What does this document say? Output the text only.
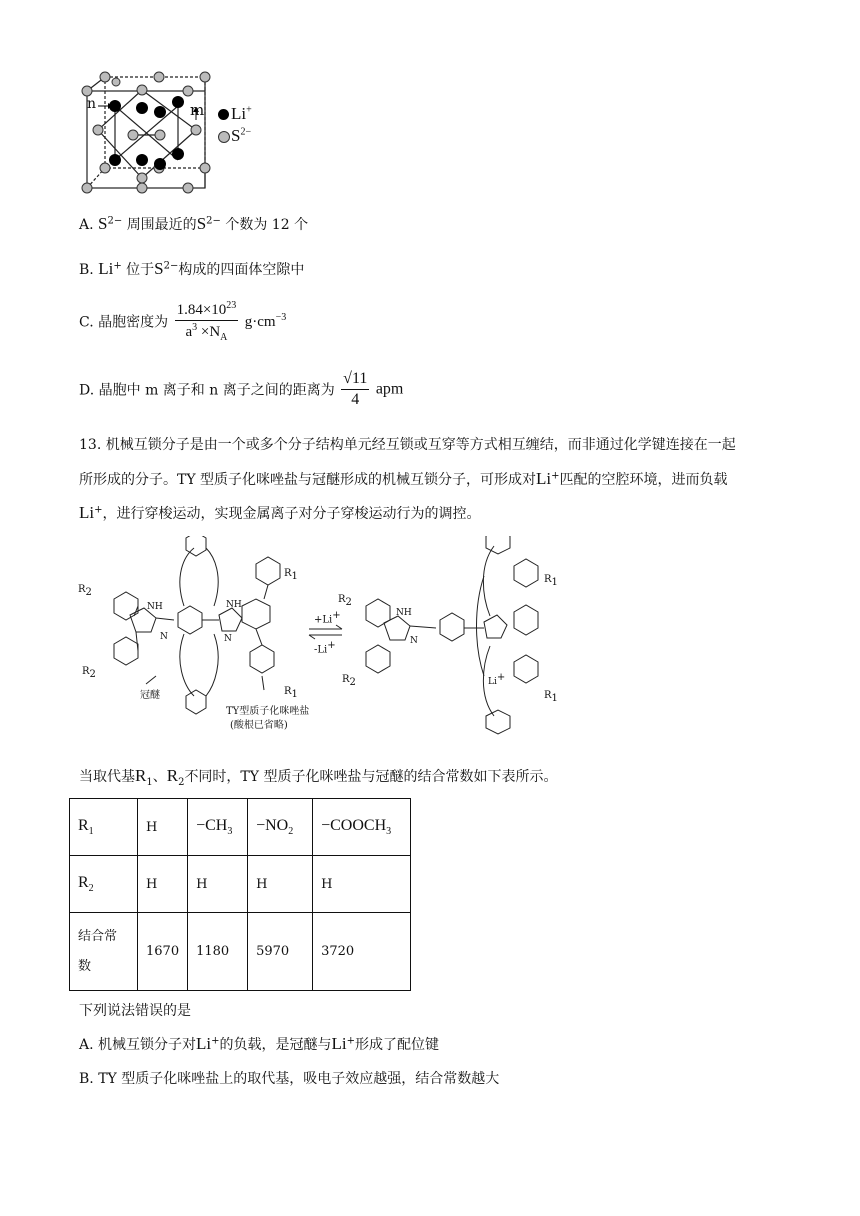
n	m Li+
$S^{2-}$
A. $S^{2-}$ 周围最近的$S^{2-}$ 个数为 12 个
B. Li+ 位于$S^{2-}$构成的四面体空隙中
C. 晶胞密度为 $\frac{1.84\times 10^{23}}{a^3 \times N_A} g\cdot cm^{-3}$
D. 晶胞中 m 离子和 n 离子之间的距离为 $\frac{√11}{4}$ apm
13. 机械互锁分子是由一个或多个分子结构单元经互锁或互穿等方式相互缠结，而非通过化学键连接在一起
所形成的分子。TY 型质子化咪唑盐与冠醚形成的机械互锁分子，可形成对Li+匹配的空腔环境，进而负载
Li+，进行穿梭运动，实现金属离子对分子穿梭运动行为的调控。
$R_2$
$R_2$
$R_1$
$R_1$
NH
N
NH
N
冠醚
TY型质子化咪唑盐
(酸根已省略)
+Li+
-Li+
$R_2$
$R_2$
$R_1$
$R_1$
NH
N
Li+
当取代基$R_1$、$R_2$不同时，TY 型质子化咪唑盐与冠醚的结合常数如下表所示。
$R_1$	H	$-CH_3$	$-NO_2$	$-COOCH_3$
$R_2$	H	H	H	H
结合常
数	1670	1180	5970	3720
下列说法错误的是
A. 机械互锁分子对Li+的负载，是冠醚与Li+形成了配位键
B. TY 型质子化咪唑盐上的取代基，吸电子效应越强，结合常数越大
